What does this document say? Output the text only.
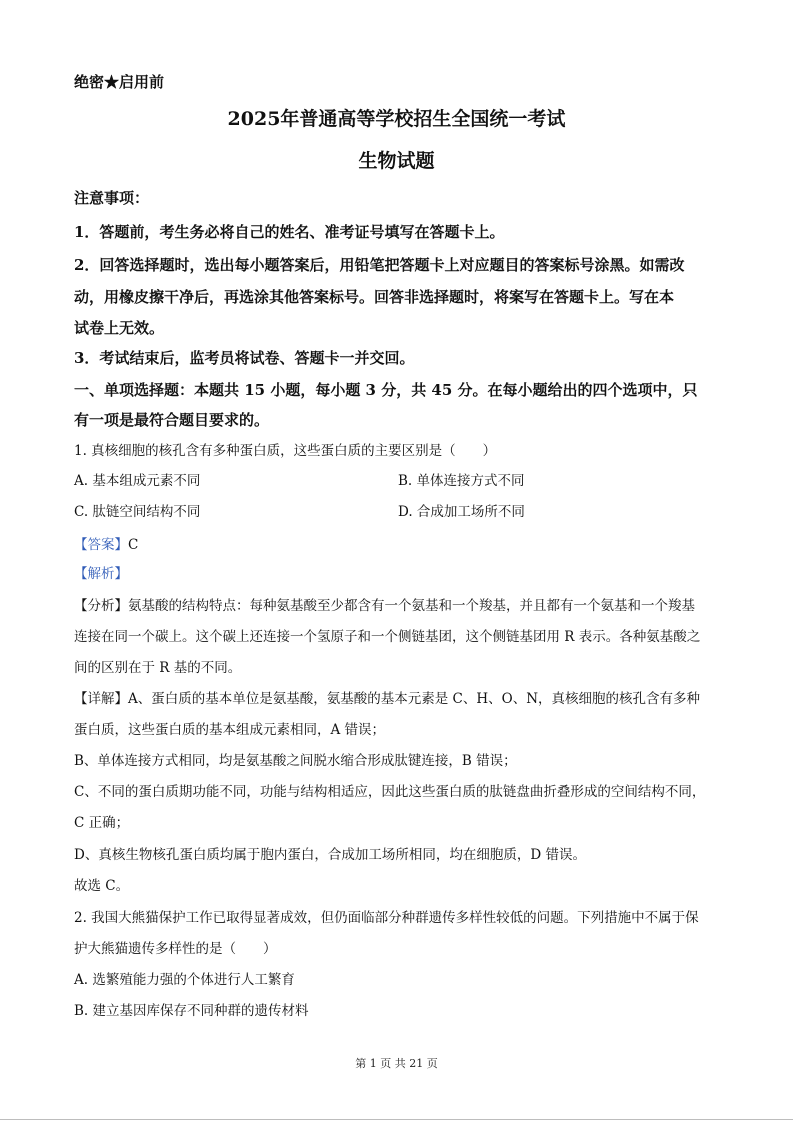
绝密★启用前
2025年普通高等学校招生全国统一考试
生物试题
注意事项：
1．答题前，考生务必将自己的姓名、准考证号填写在答题卡上。
2．回答选择题时，选出每小题答案后，用铅笔把答题卡上对应题目的答案标号涂黑。如需改
动，用橡皮擦干净后，再选涂其他答案标号。回答非选择题时，将案写在答题卡上。写在本
试卷上无效。
3．考试结束后，监考员将试卷、答题卡一并交回。
一、单项选择题：本题共 15 小题，每小题 3 分，共 45 分。在每小题给出的四个选项中，只
有一项是最符合题目要求的。
1. 真核细胞的核孔含有多种蛋白质，这些蛋白质的主要区别是（　　）
A. 基本组成元素不同	B. 单体连接方式不同
C. 肽链空间结构不同	D. 合成加工场所不同
【答案】C
【解析】
【分析】氨基酸的结构特点：每种氨基酸至少都含有一个氨基和一个羧基，并且都有一个氨基和一个羧基
连接在同一个碳上。这个碳上还连接一个氢原子和一个侧链基团，这个侧链基团用 R 表示。各种氨基酸之
间的区别在于 R 基的不同。
【详解】A、蛋白质的基本单位是氨基酸，氨基酸的基本元素是 C、H、O、N，真核细胞的核孔含有多种
蛋白质，这些蛋白质的基本组成元素相同，A 错误；
B、单体连接方式相同，均是氨基酸之间脱水缩合形成肽键连接，B 错误；
C、不同的蛋白质期功能不同，功能与结构相适应，因此这些蛋白质的肽链盘曲折叠形成的空间结构不同，
C 正确；
D、真核生物核孔蛋白质均属于胞内蛋白，合成加工场所相同，均在细胞质，D 错误。
故选 C。
2. 我国大熊猫保护工作已取得显著成效，但仍面临部分种群遗传多样性较低的问题。下列措施中不属于保
护大熊猫遗传多样性的是（　　）
A. 选繁殖能力强的个体进行人工繁育
B. 建立基因库保存不同种群的遗传材料
第 1 页 共 21 页
